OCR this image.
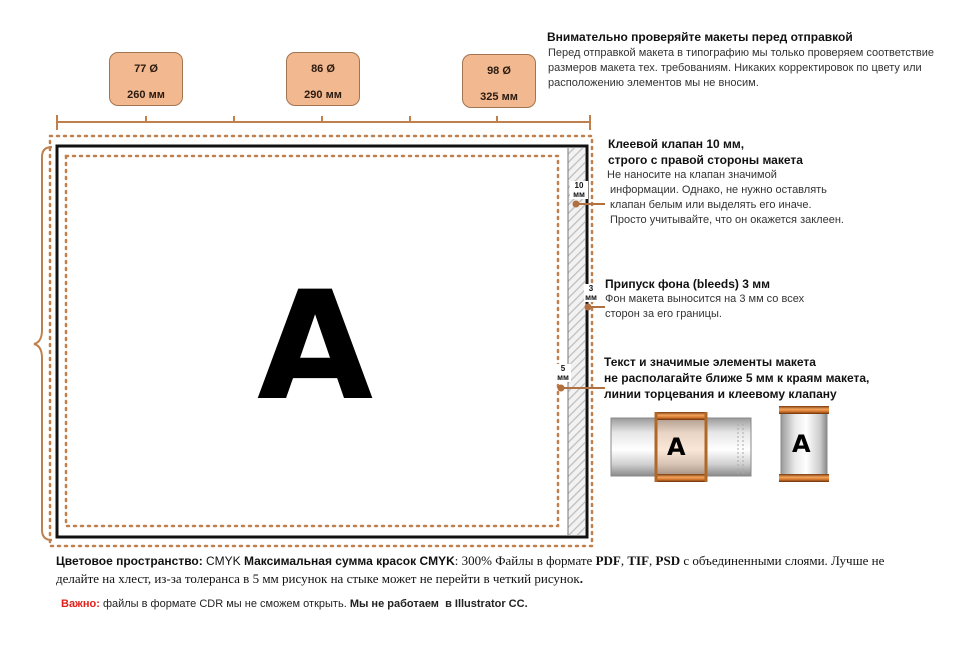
77 Ø
260 мм
86 Ø
290 мм
98 Ø
325 мм
10
мм
3
мм
5
мм
A
A	A
Внимательно проверяйте макеты перед отправкой
Перед отправкой макета в типографию мы только проверяем соответствие размеров макета тех. требованиям. Никаких корректировок по цвету или расположению элементов мы не вносим.
Клеевой клапан 10 мм,
строго с правой стороны макета
Не наносите на клапан значимой
информации. Однако, не нужно оставлять
клапан белым или выделять его иначе.
Просто учитывайте, что он окажется заклеен.
Припуск фона (bleeds) 3 мм
Фон макета выносится на 3 мм со всех
сторон за его границы.
Текст и значимые элементы макета
не располагайте ближе 5 мм к краям макета,
линии торцевания и клеевому клапану
Цветовое пространство: CMYK Максимальная сумма красок CMYK: 300% Файлы в формате PDF, TIF, PSD с объединенными слоями. Лучше не
делайте на хлест, из-за толеранса в 5 мм рисунок на стыке может не перейти в четкий рисунок.
Важно: файлы в формате CDR мы не сможем открыть. Мы не работаем в Illustrator CC.
